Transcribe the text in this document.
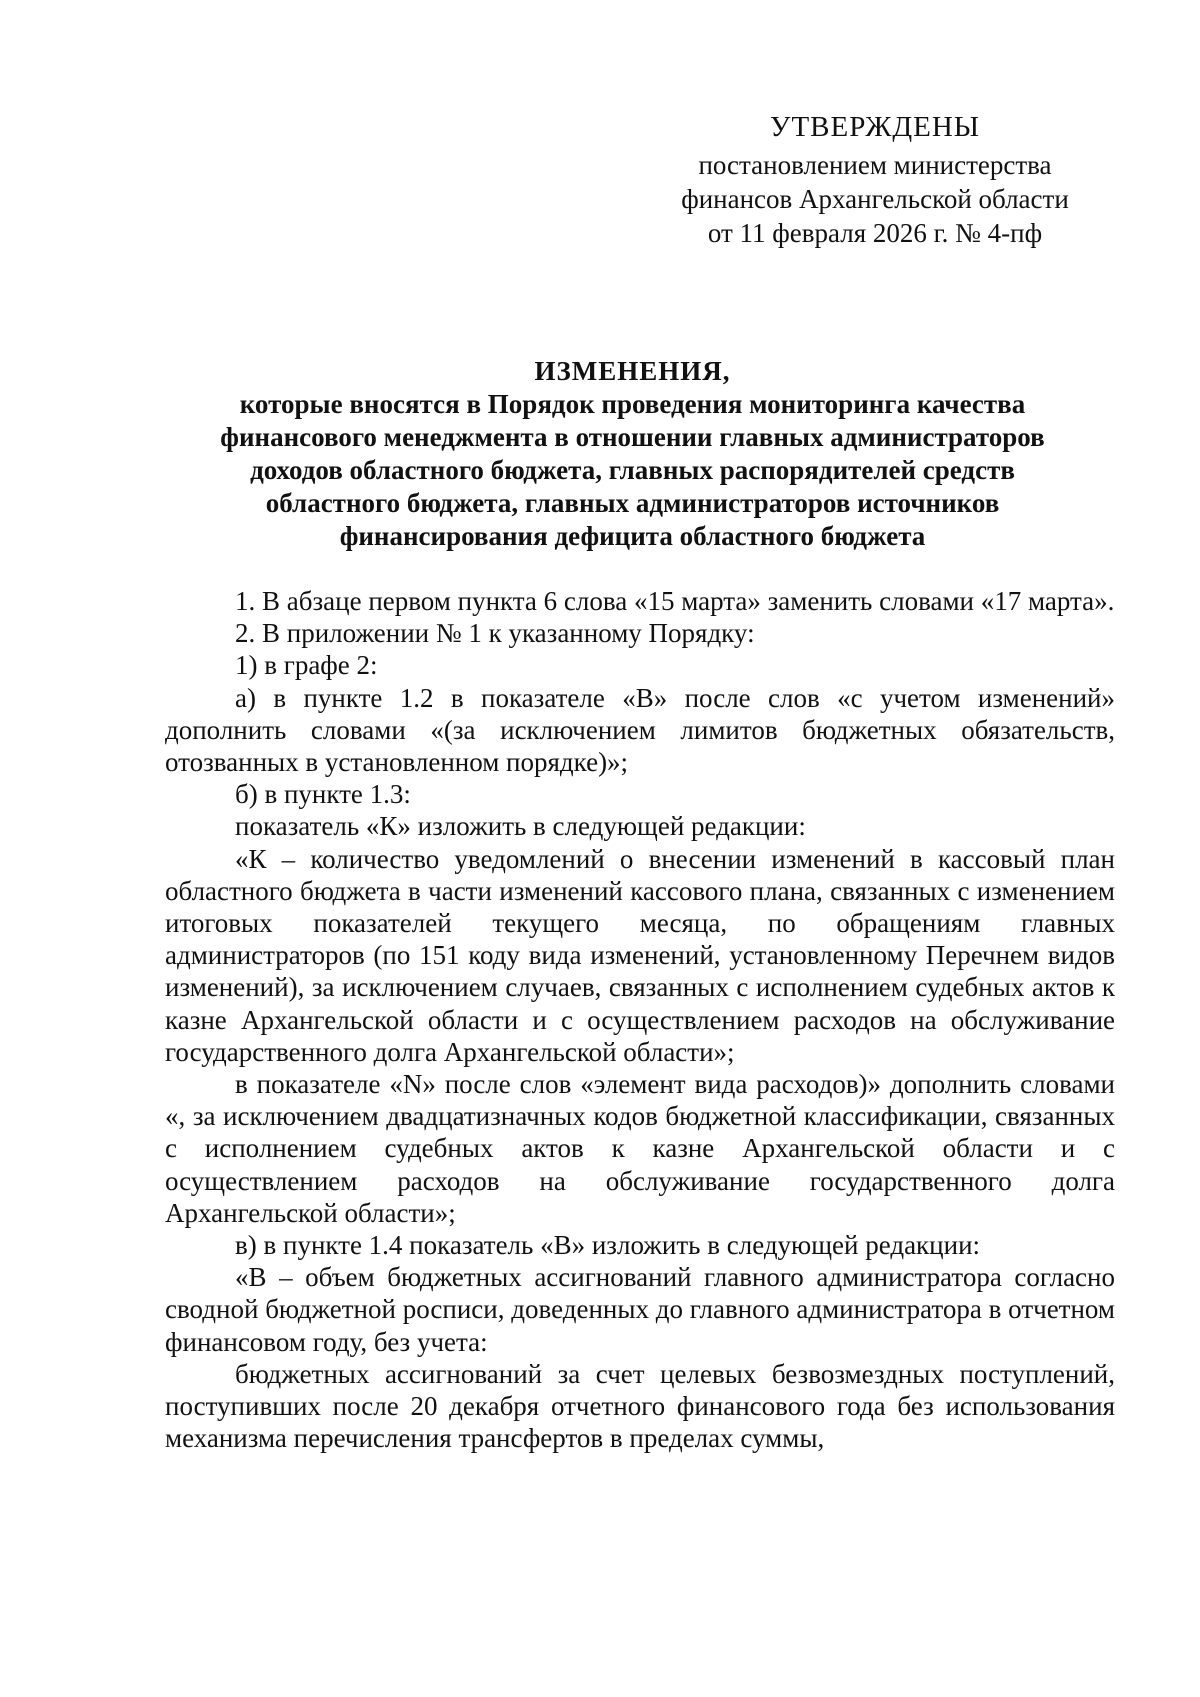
УТВЕРЖДЕНЫ
постановлением министерства
финансов Архангельской области
от 11 февраля 2026 г. № 4-пф
ИЗМЕНЕНИЯ,
которые вносятся в Порядок проведения мониторинга качества
финансового менеджмента в отношении главных администраторов
доходов областного бюджета, главных распорядителей средств
областного бюджета, главных администраторов источников
финансирования дефицита областного бюджета

1. В абзаце первом пункта 6 слова «15 марта» заменить словами «17 марта».

2. В приложении № 1 к указанному Порядку:

1) в графе 2:

а) в пункте 1.2 в показателе «В» после слов «с учетом изменений» дополнить словами «(за исключением лимитов бюджетных обязательств, отозванных в установленном порядке)»;

б) в пункте 1.3:

показатель «К» изложить в следующей редакции:

«К – количество уведомлений о внесении изменений в кассовый план областного бюджета в части изменений кассового плана, связанных с изменением итоговых показателей текущего месяца, по обращениям главных администраторов (по 151 коду вида изменений, установленному Перечнем видов изменений), за исключением случаев, связанных с исполнением судебных актов к казне Архангельской области и с осуществлением расходов на обслуживание государственного долга Архангельской области»;

в показателе «N» после слов «элемент вида расходов)» дополнить словами «, за исключением двадцатизначных кодов бюджетной классификации, связанных с исполнением судебных актов к казне Архангельской области и с осуществлением расходов на обслуживание государственного долга Архангельской области»;

в) в пункте 1.4 показатель «В» изложить в следующей редакции:

«В – объем бюджетных ассигнований главного администратора согласно сводной бюджетной росписи, доведенных до главного администратора в отчетном финансовом году, без учета:

бюджетных ассигнований за счет целевых безвозмездных поступлений, поступивших после 20 декабря отчетного финансового года без использования механизма перечисления трансфертов в пределах суммы,
